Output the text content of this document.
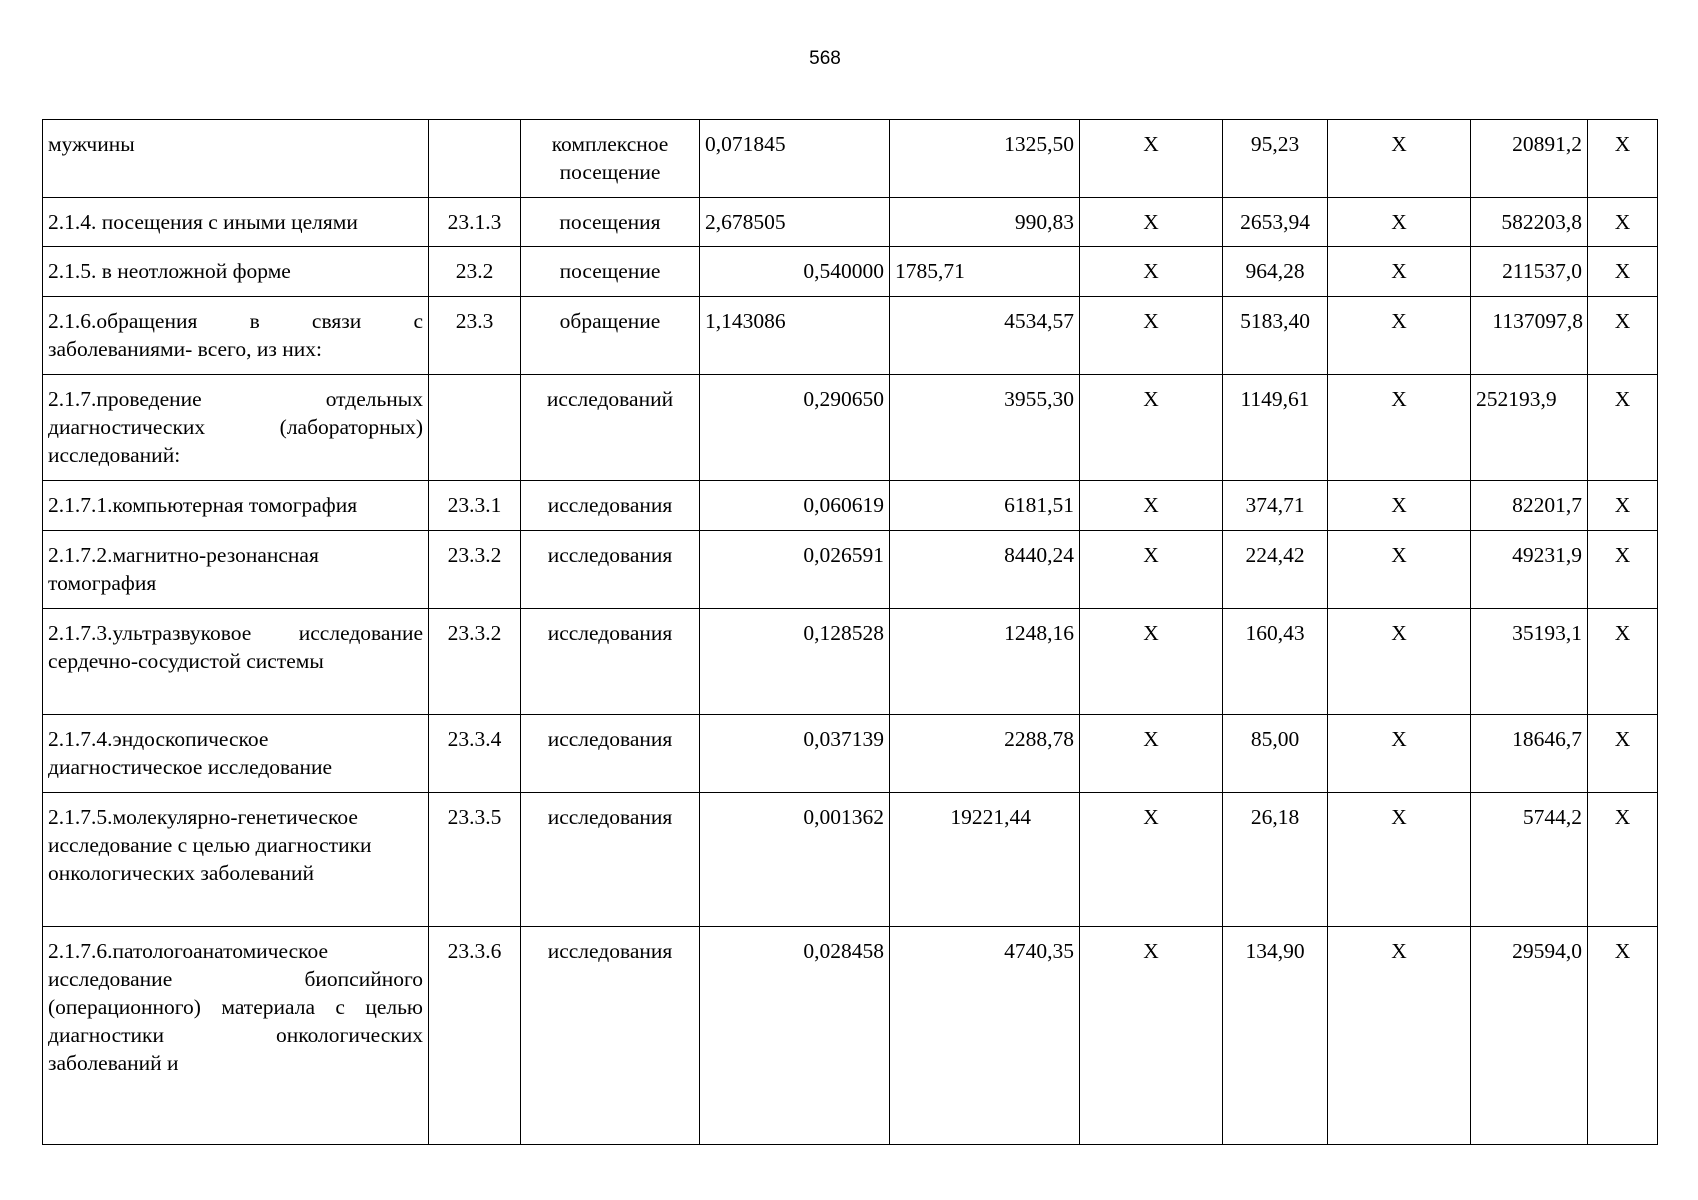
568
мужчины		комплексное посещение	0,071845	1325,50	X	95,23	X	20891,2	X
2.1.4. посещения с иными целями	23.1.3	посещения	2,678505	990,83	X	2653,94	X	582203,8	X
2.1.5. в неотложной форме	23.2	посещение	0,540000	1785,71	X	964,28	X	211537,0	X
2.1.6.обращения в связи с заболеваниями- всего, из них:	23.3	обращение	1,143086	4534,57	X	5183,40	X	1137097,8	X
2.1.7.проведение отдельных диагностических (лабораторных) исследований:		исследований	0,290650	3955,30	X	1149,61	X	252193,9	X
2.1.7.1.компьютерная томография	23.3.1	исследования	0,060619	6181,51	X	374,71	X	82201,7	X
2.1.7.2.магнитно-резонансная томография	23.3.2	исследования	0,026591	8440,24	X	224,42	X	49231,9	X
2.1.7.3.ультразвуковое исследование сердечно-сосудистой системы	23.3.2	исследования	0,128528	1248,16	X	160,43	X	35193,1	X
2.1.7.4.эндоскопическое диагностическое исследование	23.3.4	исследования	0,037139	2288,78	X	85,00	X	18646,7	X
2.1.7.5.молекулярно-генетическое исследование с целью диагностики онкологических заболеваний	23.3.5	исследования	0,001362	19221,44	X	26,18	X	5744,2	X
2.1.7.6.патологоанатомическое исследование биопсийного (операционного) материала с целью диагностики онкологических заболеваний и	23.3.6	исследования	0,028458	4740,35	X	134,90	X	29594,0	X
